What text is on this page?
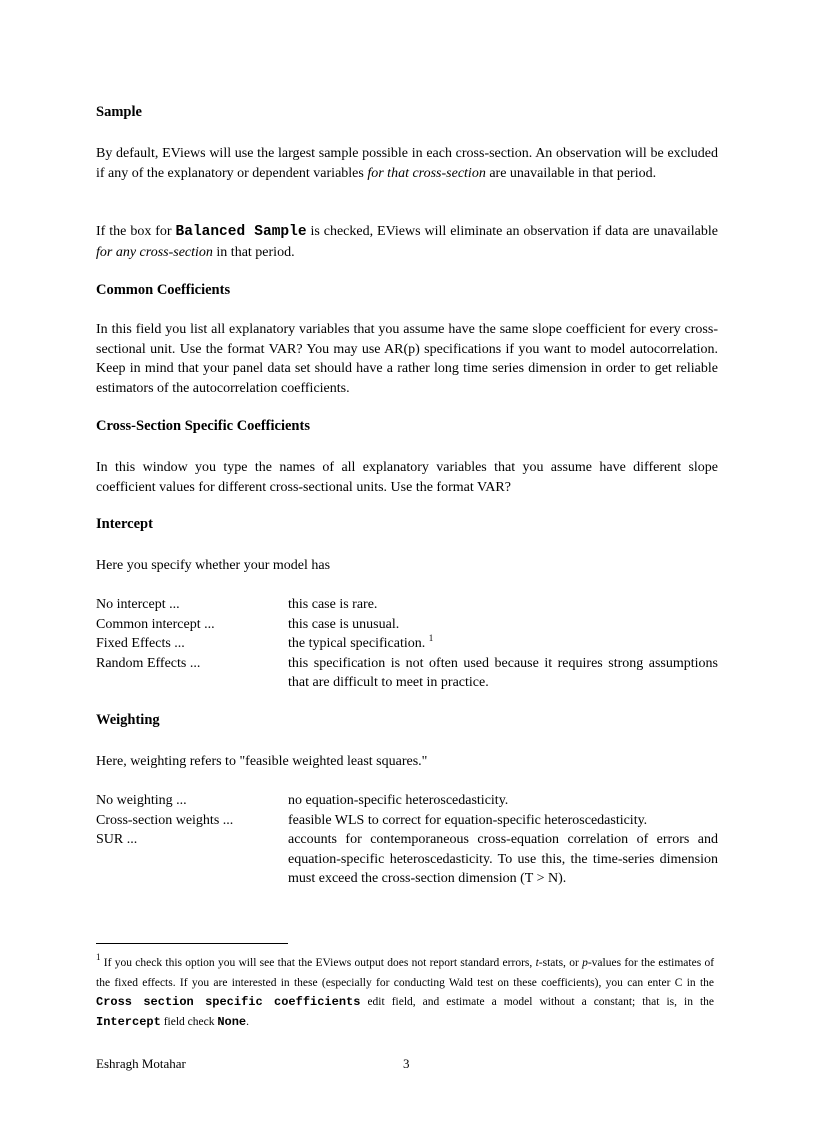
Sample

By default, EViews will use the largest sample possible in each cross-section. An observation will be excluded if any of the explanatory or dependent variables for that cross-section are unavailable in that period.

If the box for Balanced Sample is checked, EViews will eliminate an observation if data are unavailable for any cross-section in that period.

Common Coefficients

In this field you list all explanatory variables that you assume have the same slope coefficient for every cross-sectional unit. Use the format VAR? You may use AR(p) specifications if you want to model autocorrelation. Keep in mind that your panel data set should have a rather long time series dimension in order to get reliable estimators of the autocorrelation coefficients.

Cross-Section Specific Coefficients

In this window you type the names of all explanatory variables that you assume have different slope coefficient values for different cross-sectional units. Use the format VAR?

Intercept

Here you specify whether your model has

No intercept ...	this case is rare.
Common intercept ...	this case is unusual.
Fixed Effects ...	the typical specification. $^1$
Random Effects ...	this specification is not often used because it requires strong assumptions that are difficult to meet in practice.
Weighting

Here, weighting refers to "feasible weighted least squares."

No weighting ...	no equation-specific heteroscedasticity.
Cross-section weights ...	feasible WLS to correct for equation-specific heteroscedasticity.
SUR ...	accounts for contemporaneous cross-equation correlation of errors and equation-specific heteroscedasticity. To use this, the time-series dimension must exceed the cross-section dimension (T > N).

$^1$ If you check this option you will see that the EViews output does not report standard errors, t-stats, or p-values for the estimates of the fixed effects. If you are interested in these (especially for conducting Wald test on these coefficients), you can enter C in the Cross section specific coefficients edit field, and estimate a model without a constant; that is, in the Intercept field check None.

Eshragh Motahar	3
